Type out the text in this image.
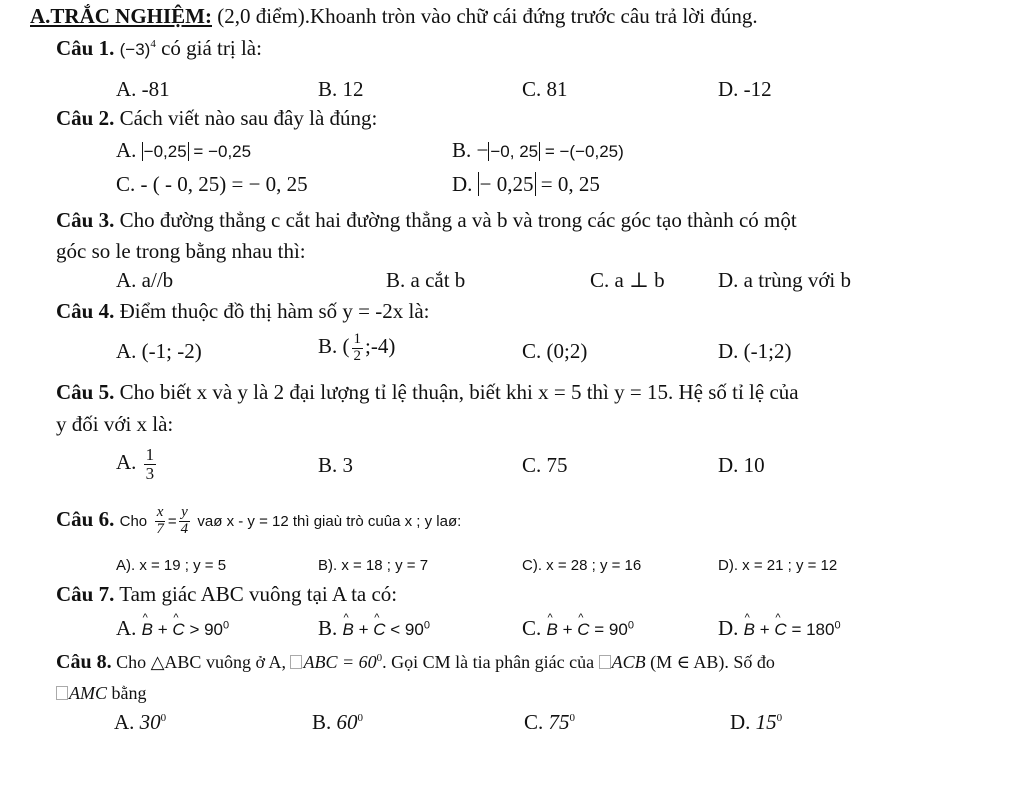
A.TRẮC NGHIỆM: (2,0 điểm).Khoanh tròn vào chữ cái đứng trước câu trả lời đúng.
Câu 1. $(-3)^4$ có giá trị là:
A. -81	B. 12	C. 81	D. -12
Câu 2. Cách viết nào sau đây là đúng:
A. −0,25 = −0,25	B. − −0, 25 = −(−0,25)
C. - ( - 0, 25) = − 0, 25	D. − 0,25 = 0, 25
Câu 3. Cho đường thẳng c cắt hai đường thẳng a và b và trong các góc tạo thành có một
góc so le trong bằng nhau thì:
A. a//b	B. a cắt b	C. a ⊥ b	D. a trùng với b
Câu 4. Điểm thuộc đồ thị hàm số y = -2x là:
A. (-1; -2)	B. ( $\frac{1}{2}$ ;-4)	C. (0;2)	D. (-1;2)
Câu 5. Cho biết x và y là 2 đại lượng tỉ lệ thuận, biết khi x = 5 thì y = 15. Hệ số tỉ lệ của
y đối với x là:
A. $\frac{1}{3}$	B. 3	C. 75	D. 10
Câu 6. Cho $\frac{x}{7} = \frac{y}{4}$ vaø x - y = 12 thì giaù trò cuûa x ; y laø:
A). x = 19 ; y = 5	B). x = 18 ; y = 7	C). x = 28 ; y = 16	D). x = 21 ; y = 12
Câu 7. Tam giác ABC vuông tại A ta có:
A. ^ B + ^ $C > 90^0$	B. ^ B + ^ $C < 90^0$	C. ^ B + ^ $C = 90^0$	D. ^ B + ^ $C = 180^0$
Câu 8. Cho △ABC vuông ở A, ABC = $60^0$. Gọi CM là tia phân giác của ACB (M ∈ AB). Số đo
AMC bằng
A. $30^0$	B. $60^0$	C. $75^0$	D. $15^0$
